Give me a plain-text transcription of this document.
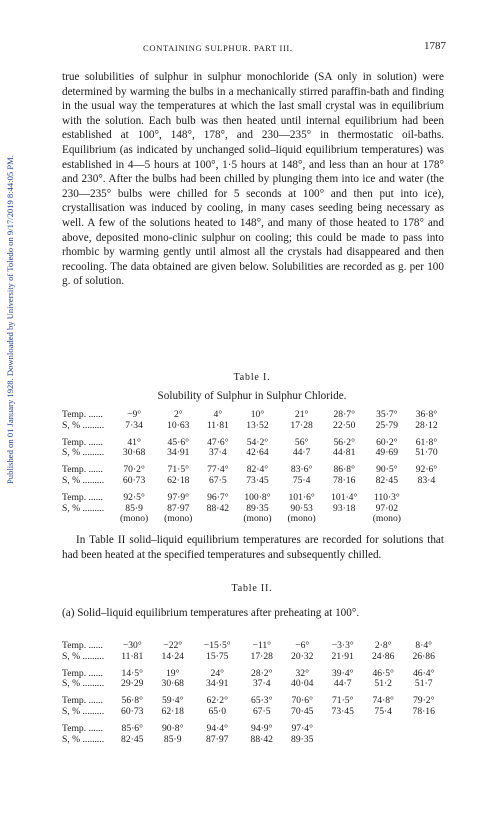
Published on 01 January 1928. Downloaded by University of Toledo on 9/17/2019 8:44:05 PM.
CONTAINING SULPHUR. PART III.	1787
true solubilities of sulphur in sulphur monochloride (SA only in solution) were determined by warming the bulbs in a mechanically stirred paraffin-bath and finding in the usual way the temperatures at which the last small crystal was in equilibrium with the solution. Each bulb was then heated until internal equilibrium had been established at 100°, 148°, 178°, and 230—235° in thermostatic oil-baths. Equilibrium (as indicated by unchanged solid–liquid equilibrium temperatures) was established in 4—5 hours at 100°, 1·5 hours at 148°, and less than an hour at 178° and 230°. After the bulbs had been chilled by plunging them into ice and water (the 230—235° bulbs were chilled for 5 seconds at 100° and then put into ice), crystallisation was induced by cooling, in many cases seeding being necessary as well. A few of the solutions heated to 148°, and many of those heated to 178° and above, deposited mono-clinic sulphur on cooling; this could be made to pass into rhombic by warming gently until almost all the crystals had disappeared and then recooling. The data obtained are given below. Solubilities are recorded as g. per 100 g. of solution.
Table I.
Solubility of Sulphur in Sulphur Chloride.
Temp. ......	−9°	2°	4°	10°	21°	28·7°	35·7°	36·8°
S, % .........	7·34	10·63	11·81	13·52	17·28	22·50	25·79	28·12

Temp. ......	41°	45·6°	47·6°	54·2°	56°	56·2°	60·2°	61·8°
S, % .........	30·68	34·91	37·4	42·64	44·7	44·81	49·69	51·70

Temp. ......	70·2°	71·5°	77·4°	82·4°	83·6°	86·8°	90·5°	92·6°
S, % .........	60·73	62·18	67·5	73·45	75·4	78·16	82·45	83·4

Temp. ......	92·5°	97·9°	96·7°	100·8°	101·6°	101·4°	110·3°	
S, % .........	85·9	87·97	88·42	89·35	90·53	93·18	97·02	
	(mono)	(mono)		(mono)	(mono)		(mono)	
In Table II solid–liquid equilibrium temperatures are recorded for solutions that had been heated at the specified temperatures and subsequently chilled.
Table II.
(a) Solid–liquid equilibrium temperatures after preheating at 100°.
Temp. ......	−30°	−22°	−15·5°	−11°	−6°	−3·3°	2·8°	8·4°
S, % .........	11·81	14·24	15·75	17·28	20·32	21·91	24·86	26·86

Temp. ......	14·5°	19°	24°	28·2°	32°	39·4°	46·5°	46·4°
S, % .........	29·29	30·68	34·91	37·4	40·04	44·7	51·2	51·7

Temp. ......	56·8°	59·4°	62·2°	65·3°	70·6°	71·5°	74·8°	79·2°
S, % .........	60·73	62·18	65·0	67·5	70·45	73·45	75·4	78·16

Temp. ......	85·6°	90·8°	94·4°	94·9°	97·4°			
S, % .........	82·45	85·9	87·97	88·42	89·35			
